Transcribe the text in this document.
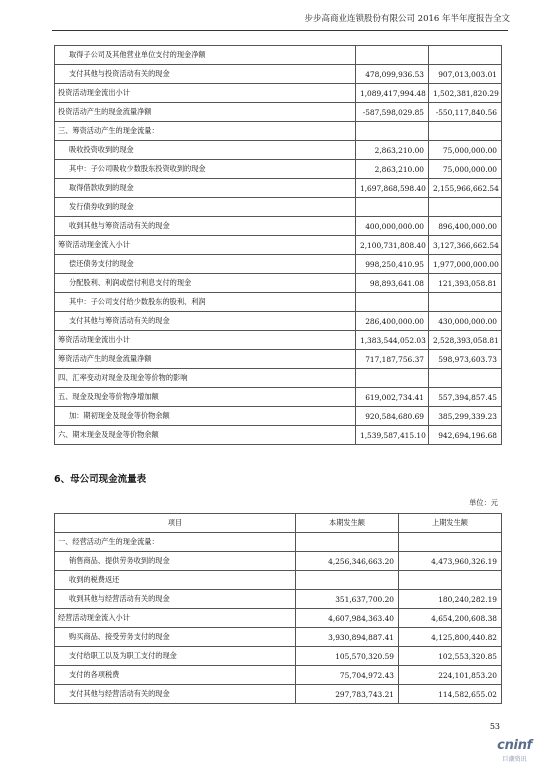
步步高商业连锁股份有限公司 2016 年半年度报告全文
取得子公司及其他营业单位支付的现金净额		
支付其他与投资活动有关的现金	478,099,936.53	907,013,003.01
投资活动现金流出小计	1,089,417,994.48	1,502,381,820.29
投资活动产生的现金流量净额	-587,598,029.85	-550,117,840.56
三、筹资活动产生的现金流量：		
吸收投资收到的现金	2,863,210.00	75,000,000.00
其中：子公司吸收少数股东投资收到的现金	2,863,210.00	75,000,000.00
取得借款收到的现金	1,697,868,598.40	2,155,966,662.54
发行债券收到的现金		
收到其他与筹资活动有关的现金	400,000,000.00	896,400,000.00
筹资活动现金流入小计	2,100,731,808.40	3,127,366,662.54
偿还债务支付的现金	998,250,410.95	1,977,000,000.00
分配股利、利润或偿付利息支付的现金	98,893,641.08	121,393,058.81
其中：子公司支付给少数股东的股利、利润		
支付其他与筹资活动有关的现金	286,400,000.00	430,000,000.00
筹资活动现金流出小计	1,383,544,052.03	2,528,393,058.81
筹资活动产生的现金流量净额	717,187,756.37	598,973,603.73
四、汇率变动对现金及现金等价物的影响		
五、现金及现金等价物净增加额	619,002,734.41	557,394,857.45
加：期初现金及现金等价物余额	920,584,680.69	385,299,339.23
六、期末现金及现金等价物余额	1,539,587,415.10	942,694,196.68
6、母公司现金流量表
单位：元
项目	本期发生额	上期发生额
一、经营活动产生的现金流量：		
销售商品、提供劳务收到的现金	4,256,346,663.20	4,473,960,326.19
收到的税费返还		
收到其他与经营活动有关的现金	351,637,700.20	180,240,282.19
经营活动现金流入小计	4,607,984,363.40	4,654,200,608.38
购买商品、接受劳务支付的现金	3,930,894,887.41	4,125,800,440.82
支付给职工以及为职工支付的现金	105,570,320.59	102,553,320.85
支付的各项税费	75,704,972.43	224,101,853.20
支付其他与经营活动有关的现金	297,783,743.21	114,582,655.02
53
cninf
巨潮资讯
